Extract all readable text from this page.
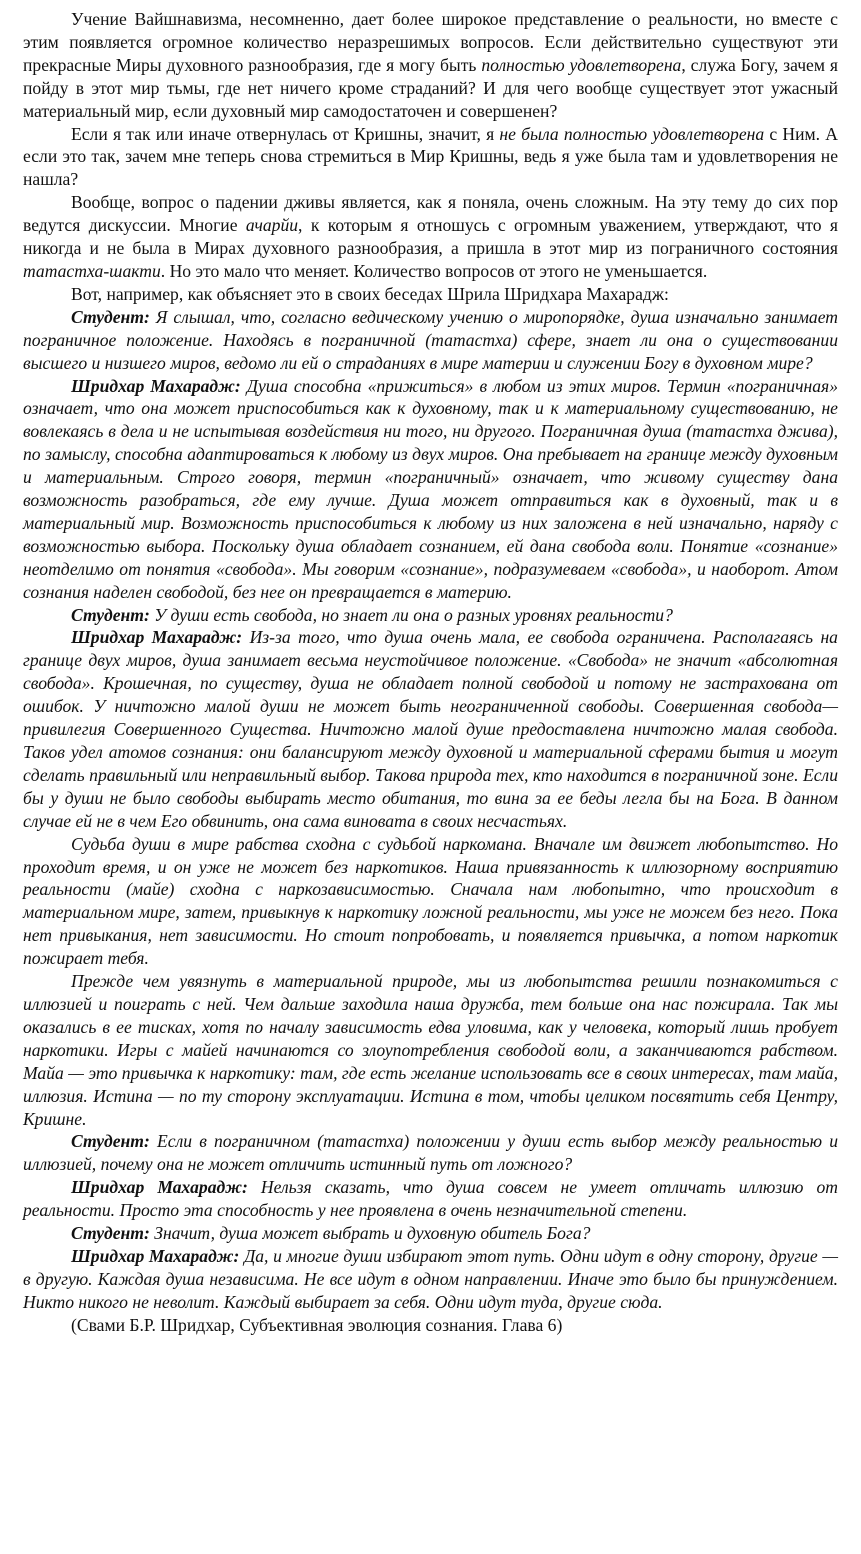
Учение Вайшнавизма, несомненно, дает более широкое представление о реальности, но вместе с этим появляется огромное количество неразрешимых вопросов. Если действительно существуют эти прекрасные Миры духовного разнообразия, где я могу быть полностью удовлетворена, служа Богу, зачем я пойду в этот мир тьмы, где нет ничего кроме страданий? И для чего вообще существует этот ужасный материальный мир, если духовный мир самодостаточен и совершенен?

Если я так или иначе отвернулась от Кришны, значит, я не была полностью удовлетворена с Ним. А если это так, зачем мне теперь снова стремиться в Мир Кришны, ведь я уже была там и удовлетворения не нашла?

Вообще, вопрос о падении дживы является, как я поняла, очень сложным. На эту тему до сих пор ведутся дискуссии. Многие ачарйи, к которым я отношусь с огромным уважением, утверждают, что я никогда и не была в Мирах духовного разнообразия, а пришла в этот мир из пограничного состояния татастха-шакти. Но это мало что меняет. Количество вопросов от этого не уменьшается.

Вот, например, как объясняет это в своих беседах Шрила Шридхара Махарадж:

Студент: Я слышал, что, согласно ведическому учению о миропорядке, душа изначально занимает пограничное положение. Находясь в пограничной (татастха) сфере, знает ли она о существовании высшего и низшего миров, ведомо ли ей о страданиях в мире материи и служении Богу в духовном мире?

Шридхар Махарадж: Душа способна «прижиться» в любом из этих миров. Термин «пограничная» означает, что она может приспособиться как к духовному, так и к материальному существованию, не вовлекаясь в дела и не испытывая воздействия ни того, ни другого. Пограничная душа (татастха джива), по замыслу, способна адаптироваться к любому из двух миров. Она пребывает на границе между духовным и материальным. Строго говоря, термин «пограничный» означает, что живому существу дана возможность разобраться, где ему лучше. Душа может отправиться как в духовный, так и в материальный мир. Возможность приспособиться к любому из них заложена в ней изначально, наряду с возможностью выбора. Поскольку душа обладает сознанием, ей дана свобода воли. Понятие «сознание» неотделимо от понятия «свобода». Мы говорим «сознание», подразумеваем «свобода», и наоборот. Атом сознания наделен свободой, без нее он превращается в материю.

Студент: У души есть свобода, но знает ли она о разных уровнях реальности?

Шридхар Махарадж: Из-за того, что душа очень мала, ее свобода ограничена. Располагаясь на границе двух миров, душа занимает весьма неустойчивое положение. «Свобода» не значит «абсолютная свобода». Крошечная, по существу, душа не обладает полной свободой и потому не застрахована от ошибок. У ничтожно малой души не может быть неограниченной свободы. Совершенная свобода— привилегия Совершенного Существа. Ничтожно малой душе предоставлена ничтожно малая свобода. Таков удел атомов сознания: они балансируют между духовной и материальной сферами бытия и могут сделать правильный или неправильный выбор. Такова природа тех, кто находится в пограничной зоне. Если бы у души не было свободы выбирать место обитания, то вина за ее беды легла бы на Бога. В данном случае ей не в чем Его обвинить, она сама виновата в своих несчастьях.

Судьба души в мире рабства сходна с судьбой наркомана. Вначале им движет любопытство. Но проходит время, и он уже не может без наркотиков. Наша привязанность к иллюзорному восприятию реальности (майе) сходна с наркозависимостью. Сначала нам любопытно, что происходит в материальном мире, затем, привыкнув к наркотику ложной реальности, мы уже не можем без него. Пока нет привыкания, нет зависимости. Но стоит попробовать, и появляется привычка, а потом наркотик пожирает тебя.

Прежде чем увязнуть в материальной природе, мы из любопытства решили познакомиться с иллюзией и поиграть с ней. Чем дальше заходила наша дружба, тем больше она нас пожирала. Так мы оказались в ее тисках, хотя по началу зависимость едва уловима, как у человека, который лишь пробует наркотики. Игры с майей начинаются со злоупотребления свободой воли, а заканчиваются рабством. Майа — это привычка к наркотику: там, где есть желание использовать все в своих интересах, там майа, иллюзия. Истина — по ту сторону эксплуатации. Истина в том, чтобы целиком посвятить себя Центру, Кришне.

Студент: Если в пограничном (татастха) положении у души есть выбор между реальностью и иллюзией, почему она не может отличить истинный путь от ложного?

Шридхар Махарадж: Нельзя сказать, что душа совсем не умеет отличать иллюзию от реальности. Просто эта способность у нее проявлена в очень незначительной степени.

Студент: Значит, душа может выбрать и духовную обитель Бога?

Шридхар Махарадж: Да, и многие души избирают этот путь. Одни идут в одну сторону, другие — в другую. Каждая душа независима. Не все идут в одном направлении. Иначе это было бы принуждением. Никто никого не неволит. Каждый выбирает за себя. Одни идут туда, другие сюда.

(Свами Б.Р. Шридхар, Субъективная эволюция сознания. Глава 6)
